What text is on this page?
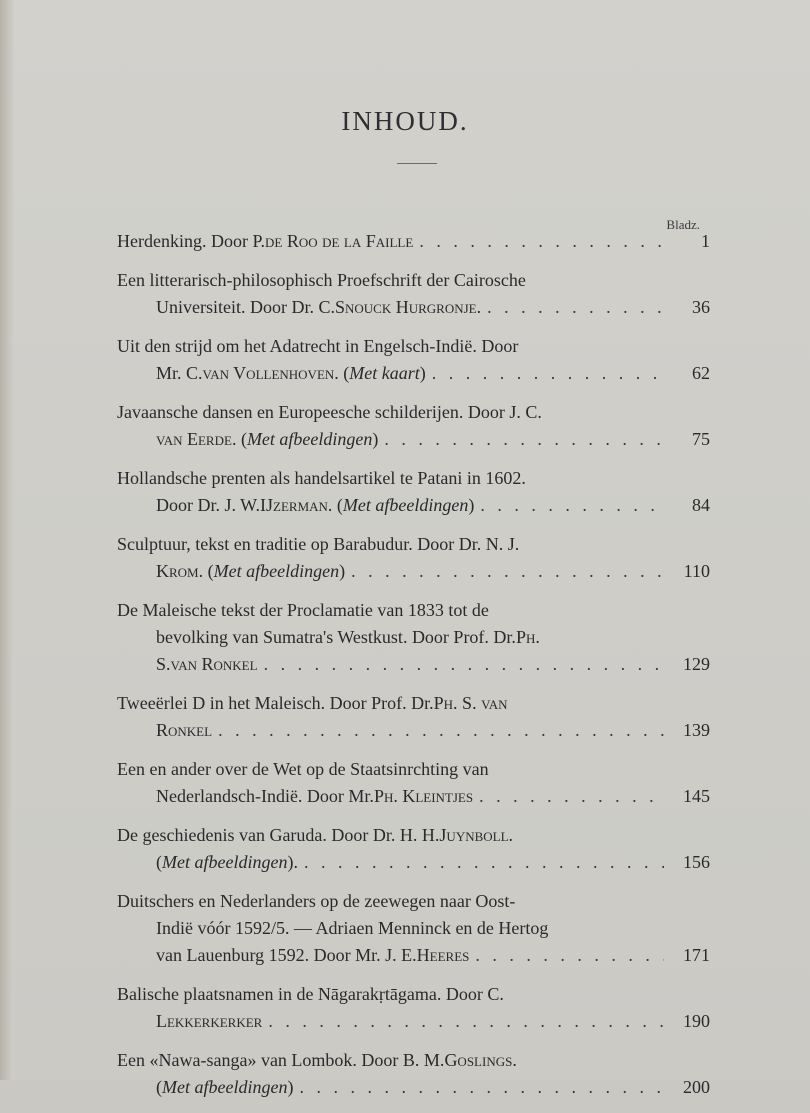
INHOUD.
Bladz.
Herdenking. Door P. de Roo de la Faille . . .	1
Een litterarisch-philosophisch Proefschrift der Cairosche
Universiteit. Door Dr. C. Snouck Hurgronje . . . .	36
Uit den strijd om het Adatrecht in Engelsch-Indië. Door
Mr. C. van Vollenhoven . ( Met kaart ) . . .	62
Javaansche dansen en Europeesche schilderijen. Door J. C.
van Eerde . ( Met afbeeldingen ) . . .	75
Hollandsche prenten als handelsartikel te Patani in 1602.
Door Dr. J. W. IJzerman . ( Met afbeeldingen ) . . .	84
Sculptuur, tekst en traditie op Barabudur. Door Dr. N. J.
Krom . ( Met afbeeldingen ) . . .	110
De Maleische tekst der Proclamatie van 1833 tot de
bevolking van Sumatra's Westkust. Door Prof. Dr. Ph.
S. van Ronkel . . .	129
Tweeërlei D in het Maleisch. Door Prof. Dr. Ph. S. van
Ronkel . . .	139
Een en ander over de Wet op de Staatsinrchting van
Nederlandsch-Indië. Door Mr. Ph. Kleintjes . . .	145
De geschiedenis van Garuda. Door Dr. H. H. Juynboll .
( Met afbeeldingen ). . . .	156
Duitschers en Nederlanders op de zeewegen naar Oost-
Indië vóór 1592/5. — Adriaen Menninck en de Hertog
van Lauenburg 1592. Door Mr. J. E. Heeres . . .	171
Balische plaatsnamen in de Nāgarakṛtāgama. Door C.
Lekkerkerker . . .	190
Een «Nawa-sanga» van Lombok. Door B. M. Goslings .
( Met afbeeldingen ) . . .	200
